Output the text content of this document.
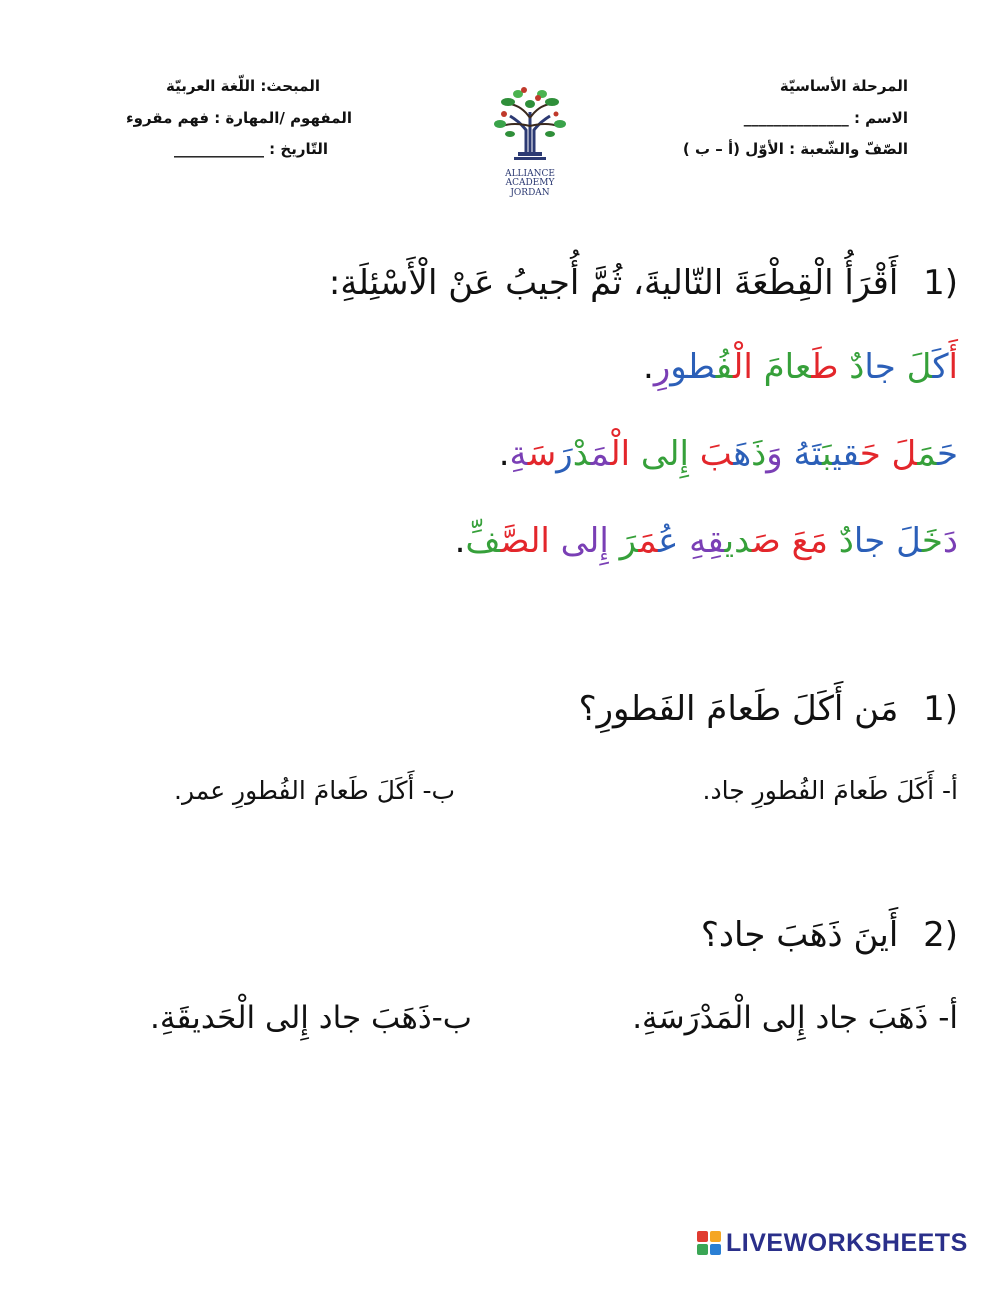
المرحلة الأساسيّة
الاسم : ______________
الصّفّ والشّعبة : الأوّل (أ – ب )
المبحث: اللّغة العربيّة
المفهوم /المهارة : فهم مقروء
التّاريخ : ____________
ALLIANCE ACADEMY
JORDAN
1) أَقْرَأُ الْقِطْعَةَ التّاليةَ، ثُمَّ أُجيبُ عَنْ الْأَسْئِلَةِ:
أَكَلَ جادٌ طَعامَ الْفُطورِ.
حَمَلَ حَقيبَتَهُ وَذَهَبَ إِلى الْمَدْرَسَةِ.
دَخَلَ جادٌ مَعَ صَديقِهِ عُمَرَ إِلى الصَّفِّ.
1) مَن أَكَلَ طَعامَ الفَطورِ؟
أ- أَكَلَ طَعامَ الفُطورِ جاد.
ب- أَكَلَ طَعامَ الفُطورِ عمر.
2) أَينَ ذَهَبَ جاد؟
أ- ذَهَبَ جاد إِلى الْمَدْرَسَةِ.
ب-ذَهَبَ جاد إِلى الْحَديقَةِ.
LIVEWORKSHEETS
